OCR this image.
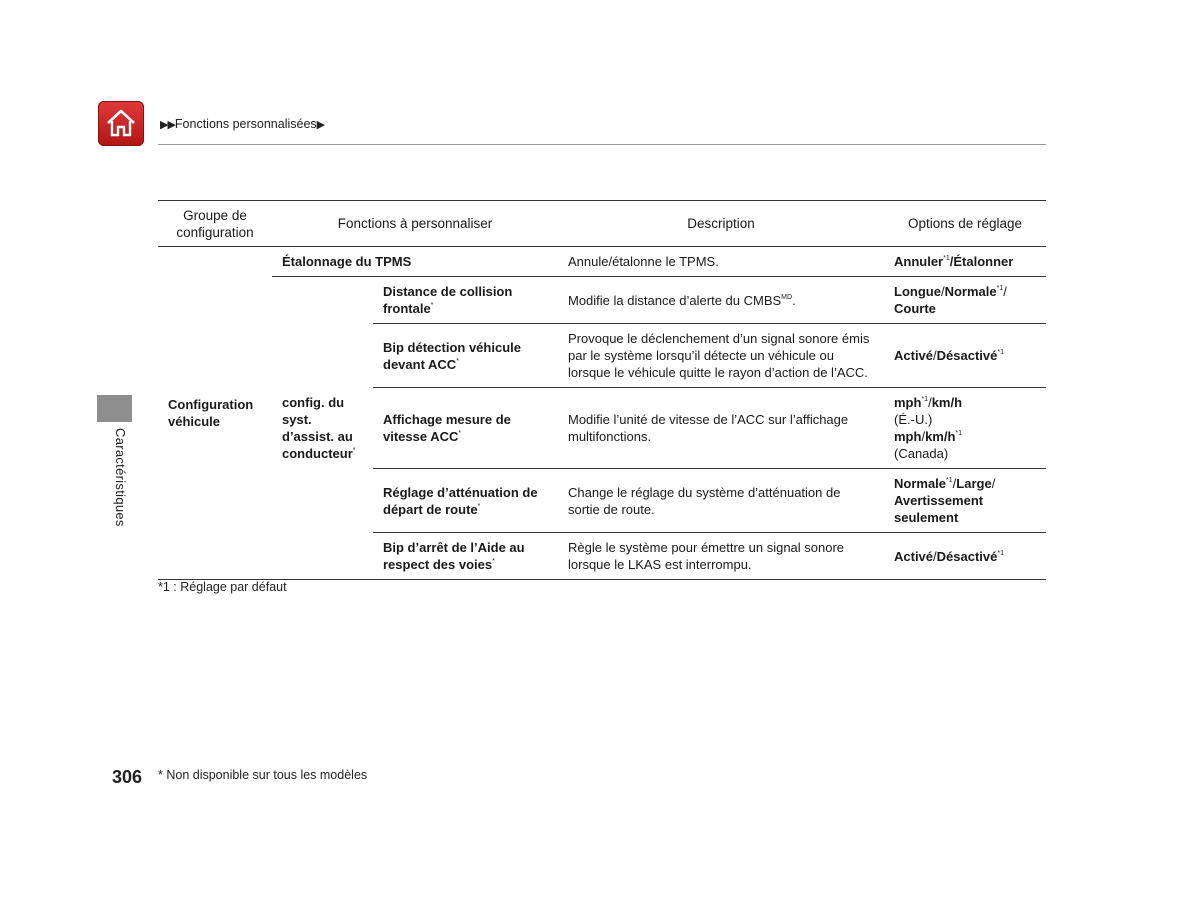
▶▶Fonctions personnalisées▶
Caractéristiques
Groupe de configuration	Fonctions à personnaliser		Description	Options de réglage
Configuration véhicule	Étalonnage du TPMS		Annule/étalonne le TPMS.	Annuler$^{*1}$/Étalonner
	config. du syst. d’assist. au conducteur*	Distance de collision frontale*	Modifie la distance d’alerte du $CMBS^{MD}$.	Longue/Normale$^{*1}$/
Courte
		Bip détection véhicule devant ACC*	Provoque le déclenchement d’un signal sonore émis par le système lorsqu’il détecte un véhicule ou lorsque le véhicule quitte le rayon d’action de l’ACC.	Activé/Désactivé$^{*1}$
		Affichage mesure de vitesse ACC*	Modifie l’unité de vitesse de l’ACC sur l’affichage multifonctions.	mph$^{*1}$/km/h
(É.-U.)
mph/$km/h^{*1}$
(Canada)
		Réglage d’atténuation de départ de route*	Change le réglage du système d’atténuation de sortie de route.	Normale$^{*1}$/Large/
Avertissement seulement
		Bip d’arrêt de l’Aide au respect des voies*	Règle le système pour émettre un signal sonore lorsque le LKAS est interrompu.	Activé/Désactivé$^{*1}$
*1 : Réglage par défaut
306 * Non disponible sur tous les modèles
